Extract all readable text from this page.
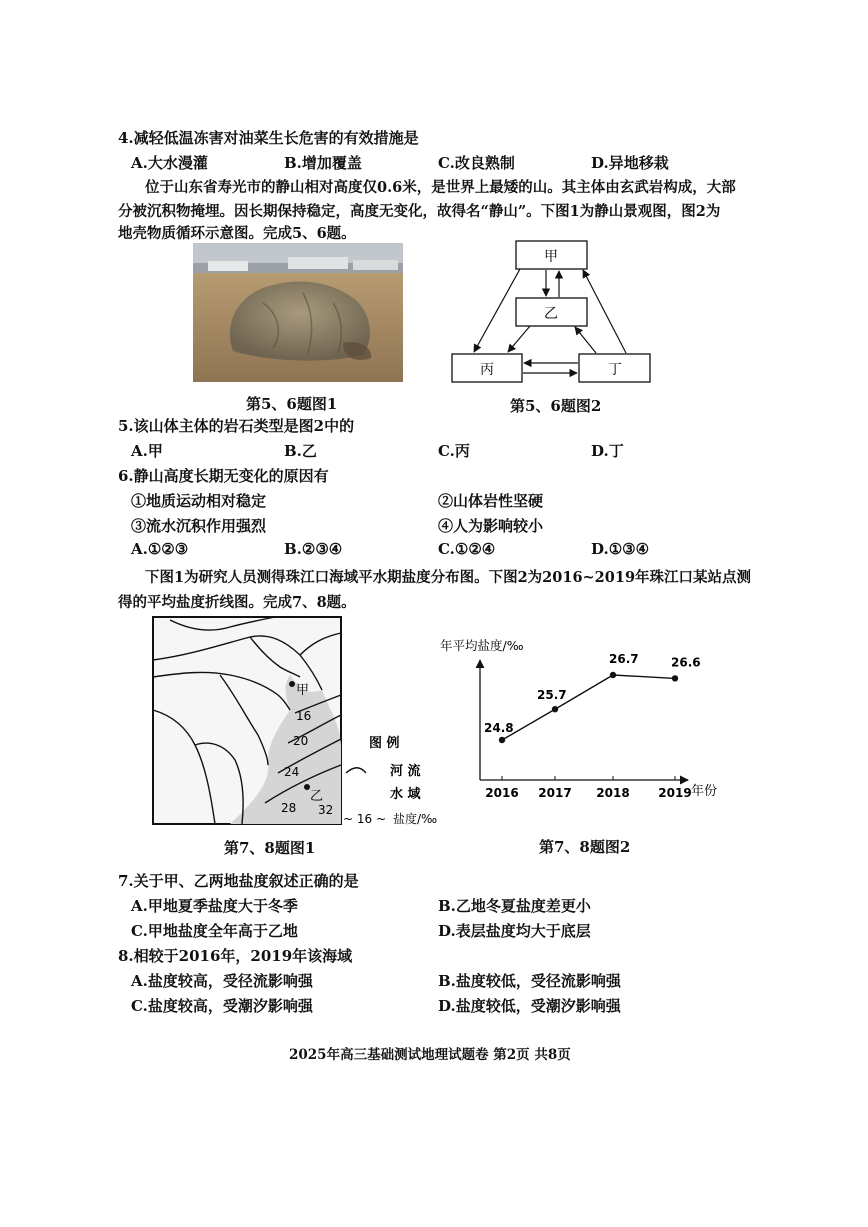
4.减轻低温冻害对油菜生长危害的有效措施是
A.大水漫灌	B.增加覆盖	C.改良熟制	D.异地移栽
位于山东省寿光市的静山相对高度仅0.6米，是世界上最矮的山。其主体由玄武岩构成，大部
分被沉积物掩埋。因长期保持稳定，高度无变化，故得名“静山”。下图1为静山景观图，图2为
地壳物质循环示意图。完成5、6题。
第5、6题图1
甲
乙
丙	丁
第5、6题图2
5.该山体主体的岩石类型是图2中的
A.甲	B.乙	C.丙	D.丁
6.静山高度长期无变化的原因有
①地质运动相对稳定	②山体岩性坚硬
③流水沉积作用强烈	④人为影响较小
A.①②③	B.②③④	C.①②④	D.①③④
下图1为研究人员测得珠江口海域平水期盐度分布图。下图2为2016~2019年珠江口某站点测
得的平均盐度折线图。完成7、8题。
16
20
24
28 32
甲
乙
图 例
河 流
水 域
~ 16 ~ 盐度/‰
第7、8题图1
年平均盐度/‰
年份
24.8
2016
25.7
2017
26.7
2018
26.6
2019
第7、8题图2
7.关于甲、乙两地盐度叙述正确的是
A.甲地夏季盐度大于冬季	B.乙地冬夏盐度差更小
C.甲地盐度全年高于乙地	D.表层盐度均大于底层
8.相较于2016年，2019年该海域
A.盐度较高，受径流影响强	B.盐度较低，受径流影响强
C.盐度较高，受潮汐影响强	D.盐度较低，受潮汐影响强
2025年高三基础测试地理试题卷 第2页 共8页
